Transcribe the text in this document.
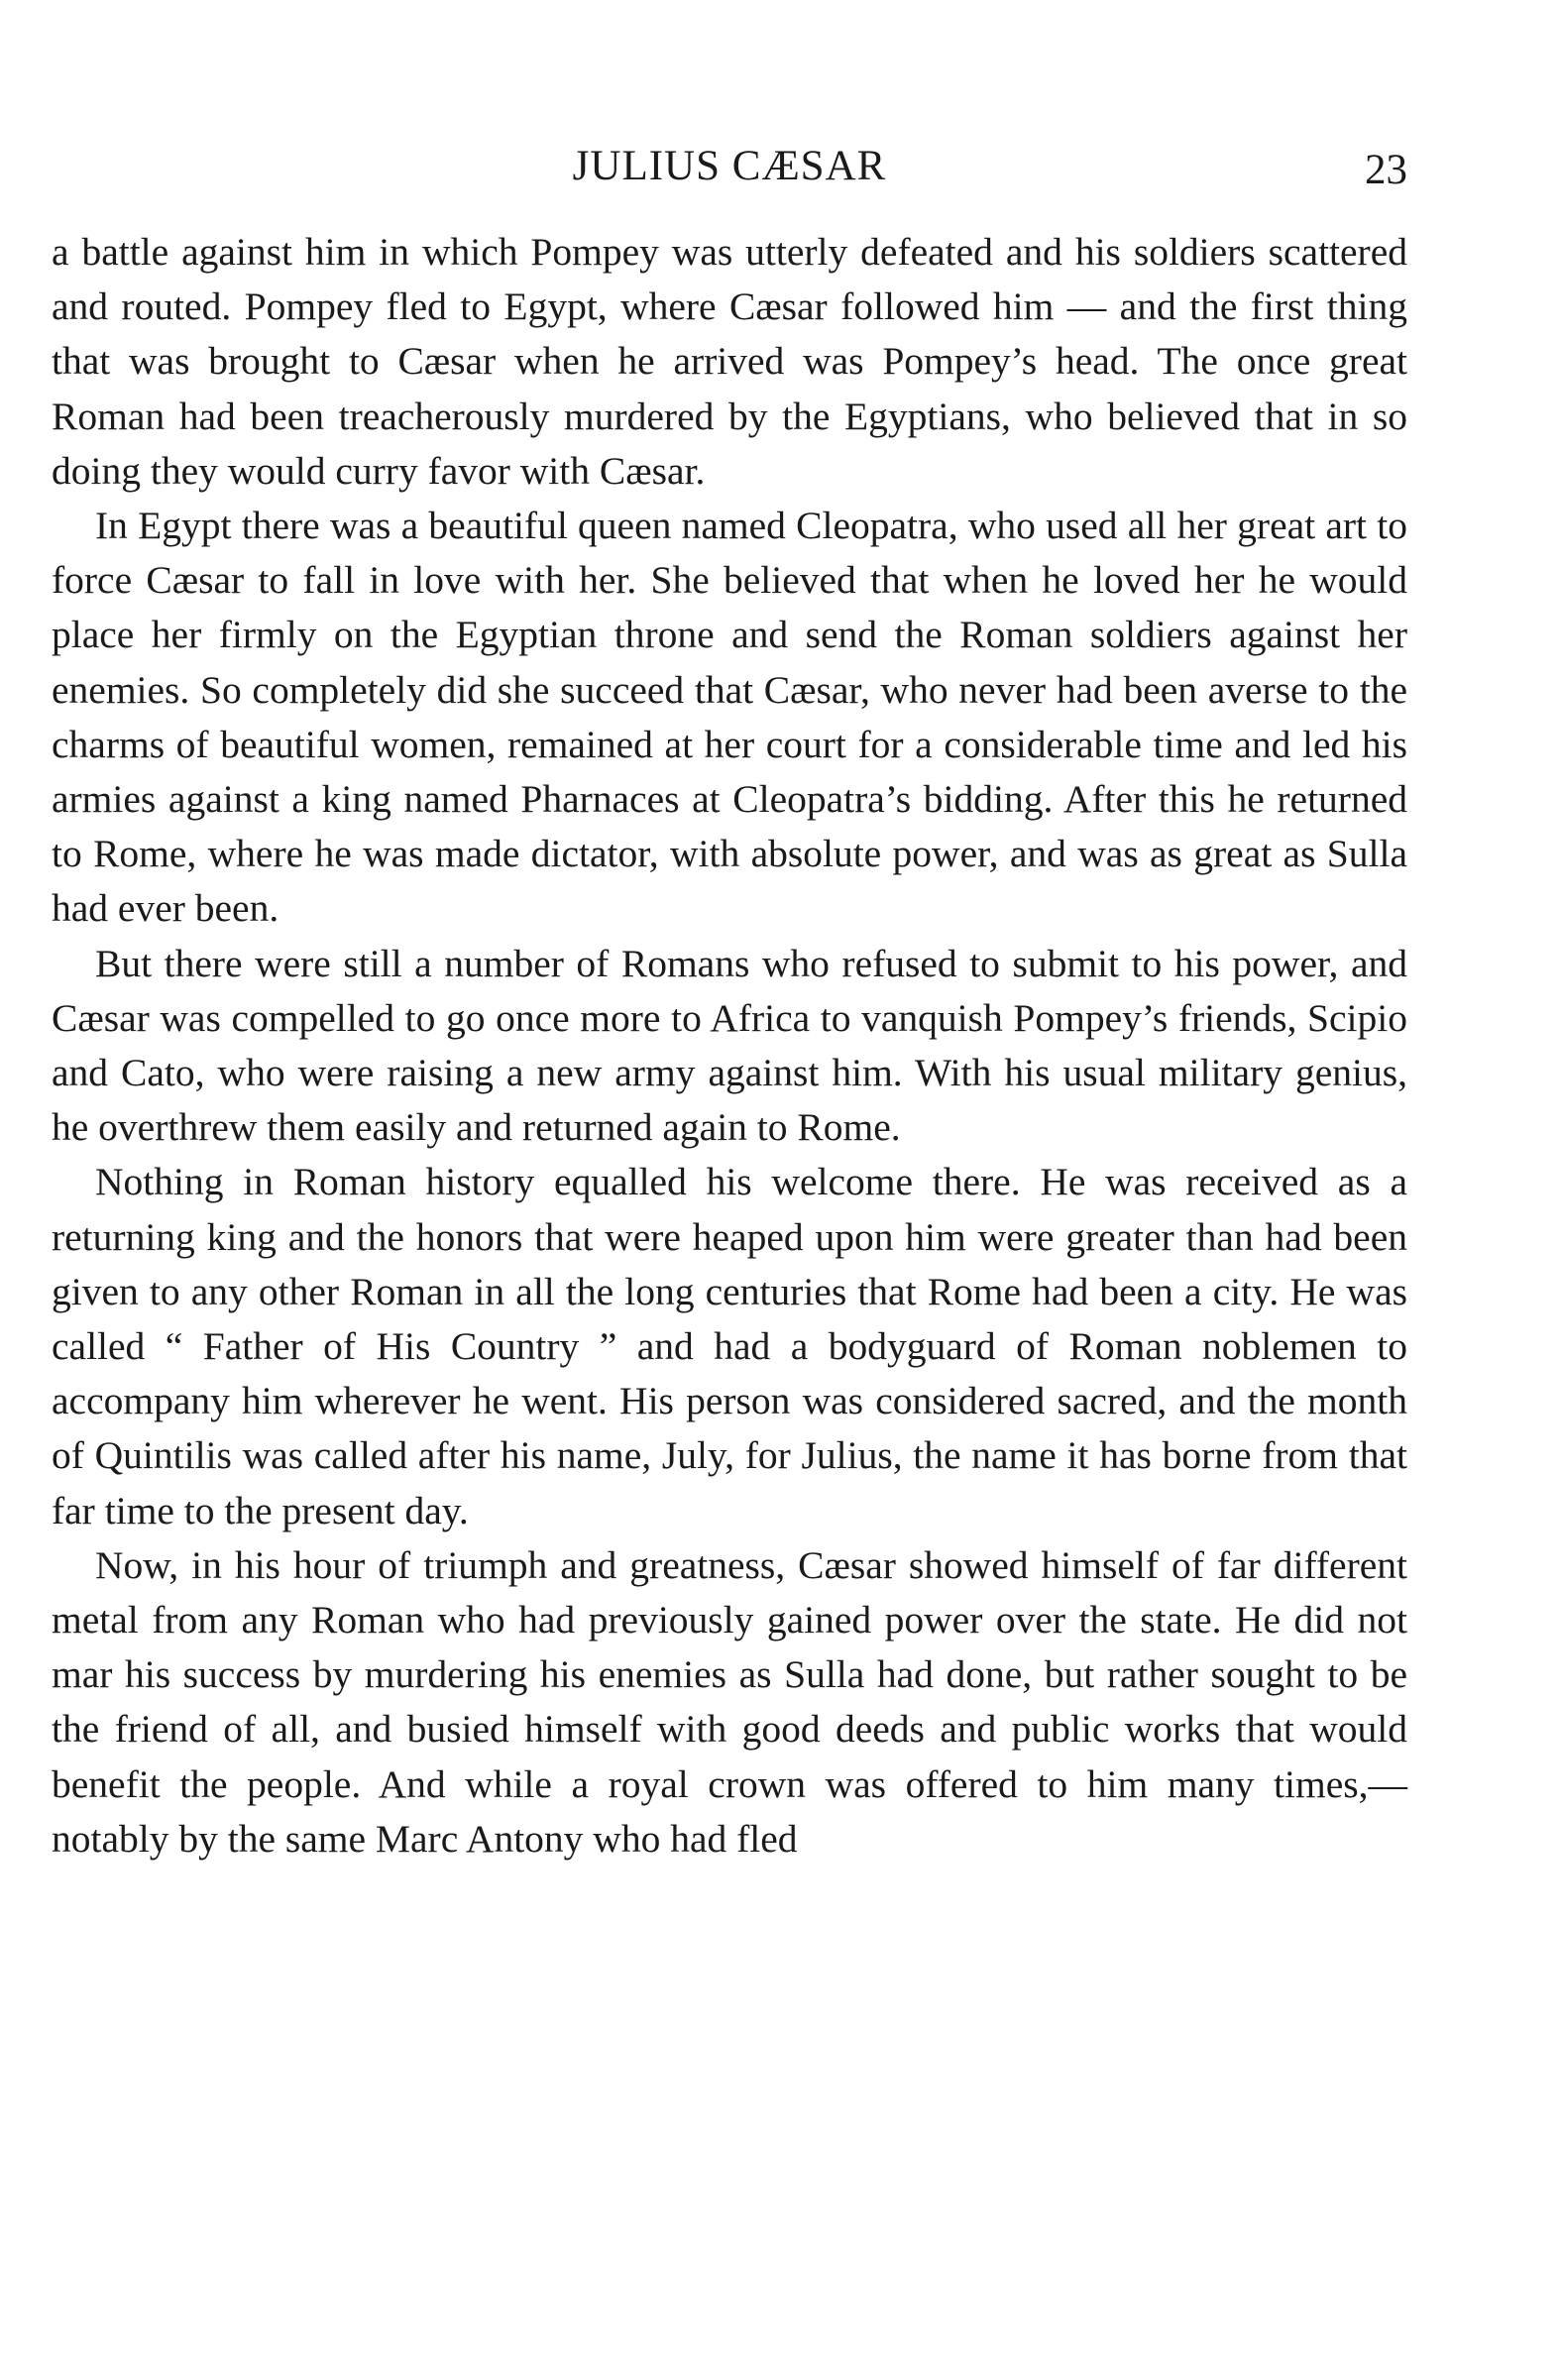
JULIUS CÆSAR	23

a battle against him in which Pompey was utterly defeated and his soldiers scattered and routed. Pompey fled to Egypt, where Cæsar followed him — and the first thing that was brought to Cæsar when he arrived was Pompey’s head. The once great Roman had been treacherously murdered by the Egyptians, who believed that in so doing they would curry favor with Cæsar.

In Egypt there was a beautiful queen named Cleopatra, who used all her great art to force Cæsar to fall in love with her. She believed that when he loved her he would place her firmly on the Egyptian throne and send the Roman soldiers against her enemies. So completely did she succeed that Cæsar, who never had been averse to the charms of beautiful women, remained at her court for a considerable time and led his armies against a king named Pharnaces at Cleopatra’s bidding. After this he returned to Rome, where he was made dictator, with absolute power, and was as great as Sulla had ever been.

But there were still a number of Romans who refused to submit to his power, and Cæsar was compelled to go once more to Africa to vanquish Pompey’s friends, Scipio and Cato, who were raising a new army against him. With his usual military genius, he overthrew them easily and returned again to Rome.

Nothing in Roman history equalled his welcome there. He was received as a returning king and the honors that were heaped upon him were greater than had been given to any other Roman in all the long centuries that Rome had been a city. He was called “ Father of His Country ” and had a bodyguard of Roman noblemen to accompany him wherever he went. His person was considered sacred, and the month of Quintilis was called after his name, July, for Julius, the name it has borne from that far time to the present day.

Now, in his hour of triumph and greatness, Cæsar showed himself of far different metal from any Roman who had previously gained power over the state. He did not mar his success by murdering his enemies as Sulla had done, but rather sought to be the friend of all, and busied himself with good deeds and public works that would benefit the people. And while a royal crown was offered to him many times,— notably by the same Marc Antony who had fled
